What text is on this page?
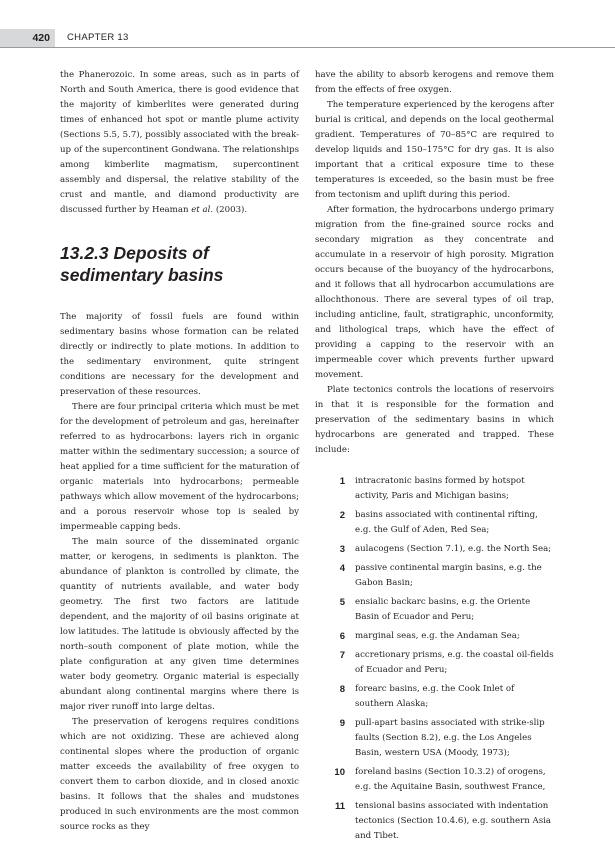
420	CHAPTER 13

the Phanerozoic. In some areas, such as in parts of North and South America, there is good evidence that the majority of kimberlites were generated during times of enhanced hot spot or mantle plume activity (Sections 5.5, 5.7), possibly associated with the break-up of the supercontinent Gondwana. The relationships among kimberlite magmatism, supercontinent assembly and dispersal, the relative stability of the crust and mantle, and diamond productivity are discussed further by Heaman et al. (2003).

13.2.3 Deposits of sedimentary basins

The majority of fossil fuels are found within sedimentary basins whose formation can be related directly or indirectly to plate motions. In addition to the sedimentary environment, quite stringent conditions are necessary for the development and preservation of these resources.

There are four principal criteria which must be met for the development of petroleum and gas, hereinafter referred to as hydrocarbons: layers rich in organic matter within the sedimentary succession; a source of heat applied for a time sufficient for the maturation of organic materials into hydrocarbons; permeable pathways which allow movement of the hydrocarbons; and a porous reservoir whose top is sealed by impermeable capping beds.

The main source of the disseminated organic matter, or kerogens, in sediments is plankton. The abundance of plankton is controlled by climate, the quantity of nutrients available, and water body geometry. The first two factors are latitude dependent, and the majority of oil basins originate at low latitudes. The latitude is obviously affected by the north–south component of plate motion, while the plate configuration at any given time determines water body geometry. Organic material is especially abundant along continental margins where there is major river runoff into large deltas.

The preservation of kerogens requires conditions which are not oxidizing. These are achieved along continental slopes where the production of organic matter exceeds the availability of free oxygen to convert them to carbon dioxide, and in closed anoxic basins. It follows that the shales and mudstones produced in such environments are the most common source rocks as they

have the ability to absorb kerogens and remove them from the effects of free oxygen.

The temperature experienced by the kerogens after burial is critical, and depends on the local geothermal gradient. Temperatures of 70–85°C are required to develop liquids and 150–175°C for dry gas. It is also important that a critical exposure time to these temperatures is exceeded, so the basin must be free from tectonism and uplift during this period.

After formation, the hydrocarbons undergo primary migration from the fine-grained source rocks and secondary migration as they concentrate and accumulate in a reservoir of high porosity. Migration occurs because of the buoyancy of the hydrocarbons, and it follows that all hydrocarbon accumulations are allochthonous. There are several types of oil trap, including anticline, fault, stratigraphic, unconformity, and lithological traps, which have the effect of providing a capping to the reservoir with an impermeable cover which prevents further upward movement.

Plate tectonics controls the locations of reservoirs in that it is responsible for the formation and preservation of the sedimentary basins in which hydrocarbons are generated and trapped. These include:

1 intracratonic basins formed by hotspot activity, Paris and Michigan basins;
2 basins associated with continental rifting, e.g. the Gulf of Aden, Red Sea;
3 aulacogens (Section 7.1), e.g. the North Sea;
4 passive continental margin basins, e.g. the Gabon Basin;
5 ensialic backarc basins, e.g. the Oriente Basin of Ecuador and Peru;
6 marginal seas, e.g. the Andaman Sea;
7 accretionary prisms, e.g. the coastal oil-fields of Ecuador and Peru;
8 forearc basins, e.g. the Cook Inlet of southern Alaska;
9 pull-apart basins associated with strike-slip faults (Section 8.2), e.g. the Los Angeles Basin, western USA (Moody, 1973);
10 foreland basins (Section 10.3.2) of orogens, e.g. the Aquitaine Basin, southwest France,
11 tensional basins associated with indentation tectonics (Section 10.4.6), e.g. southern Asia and Tibet.
